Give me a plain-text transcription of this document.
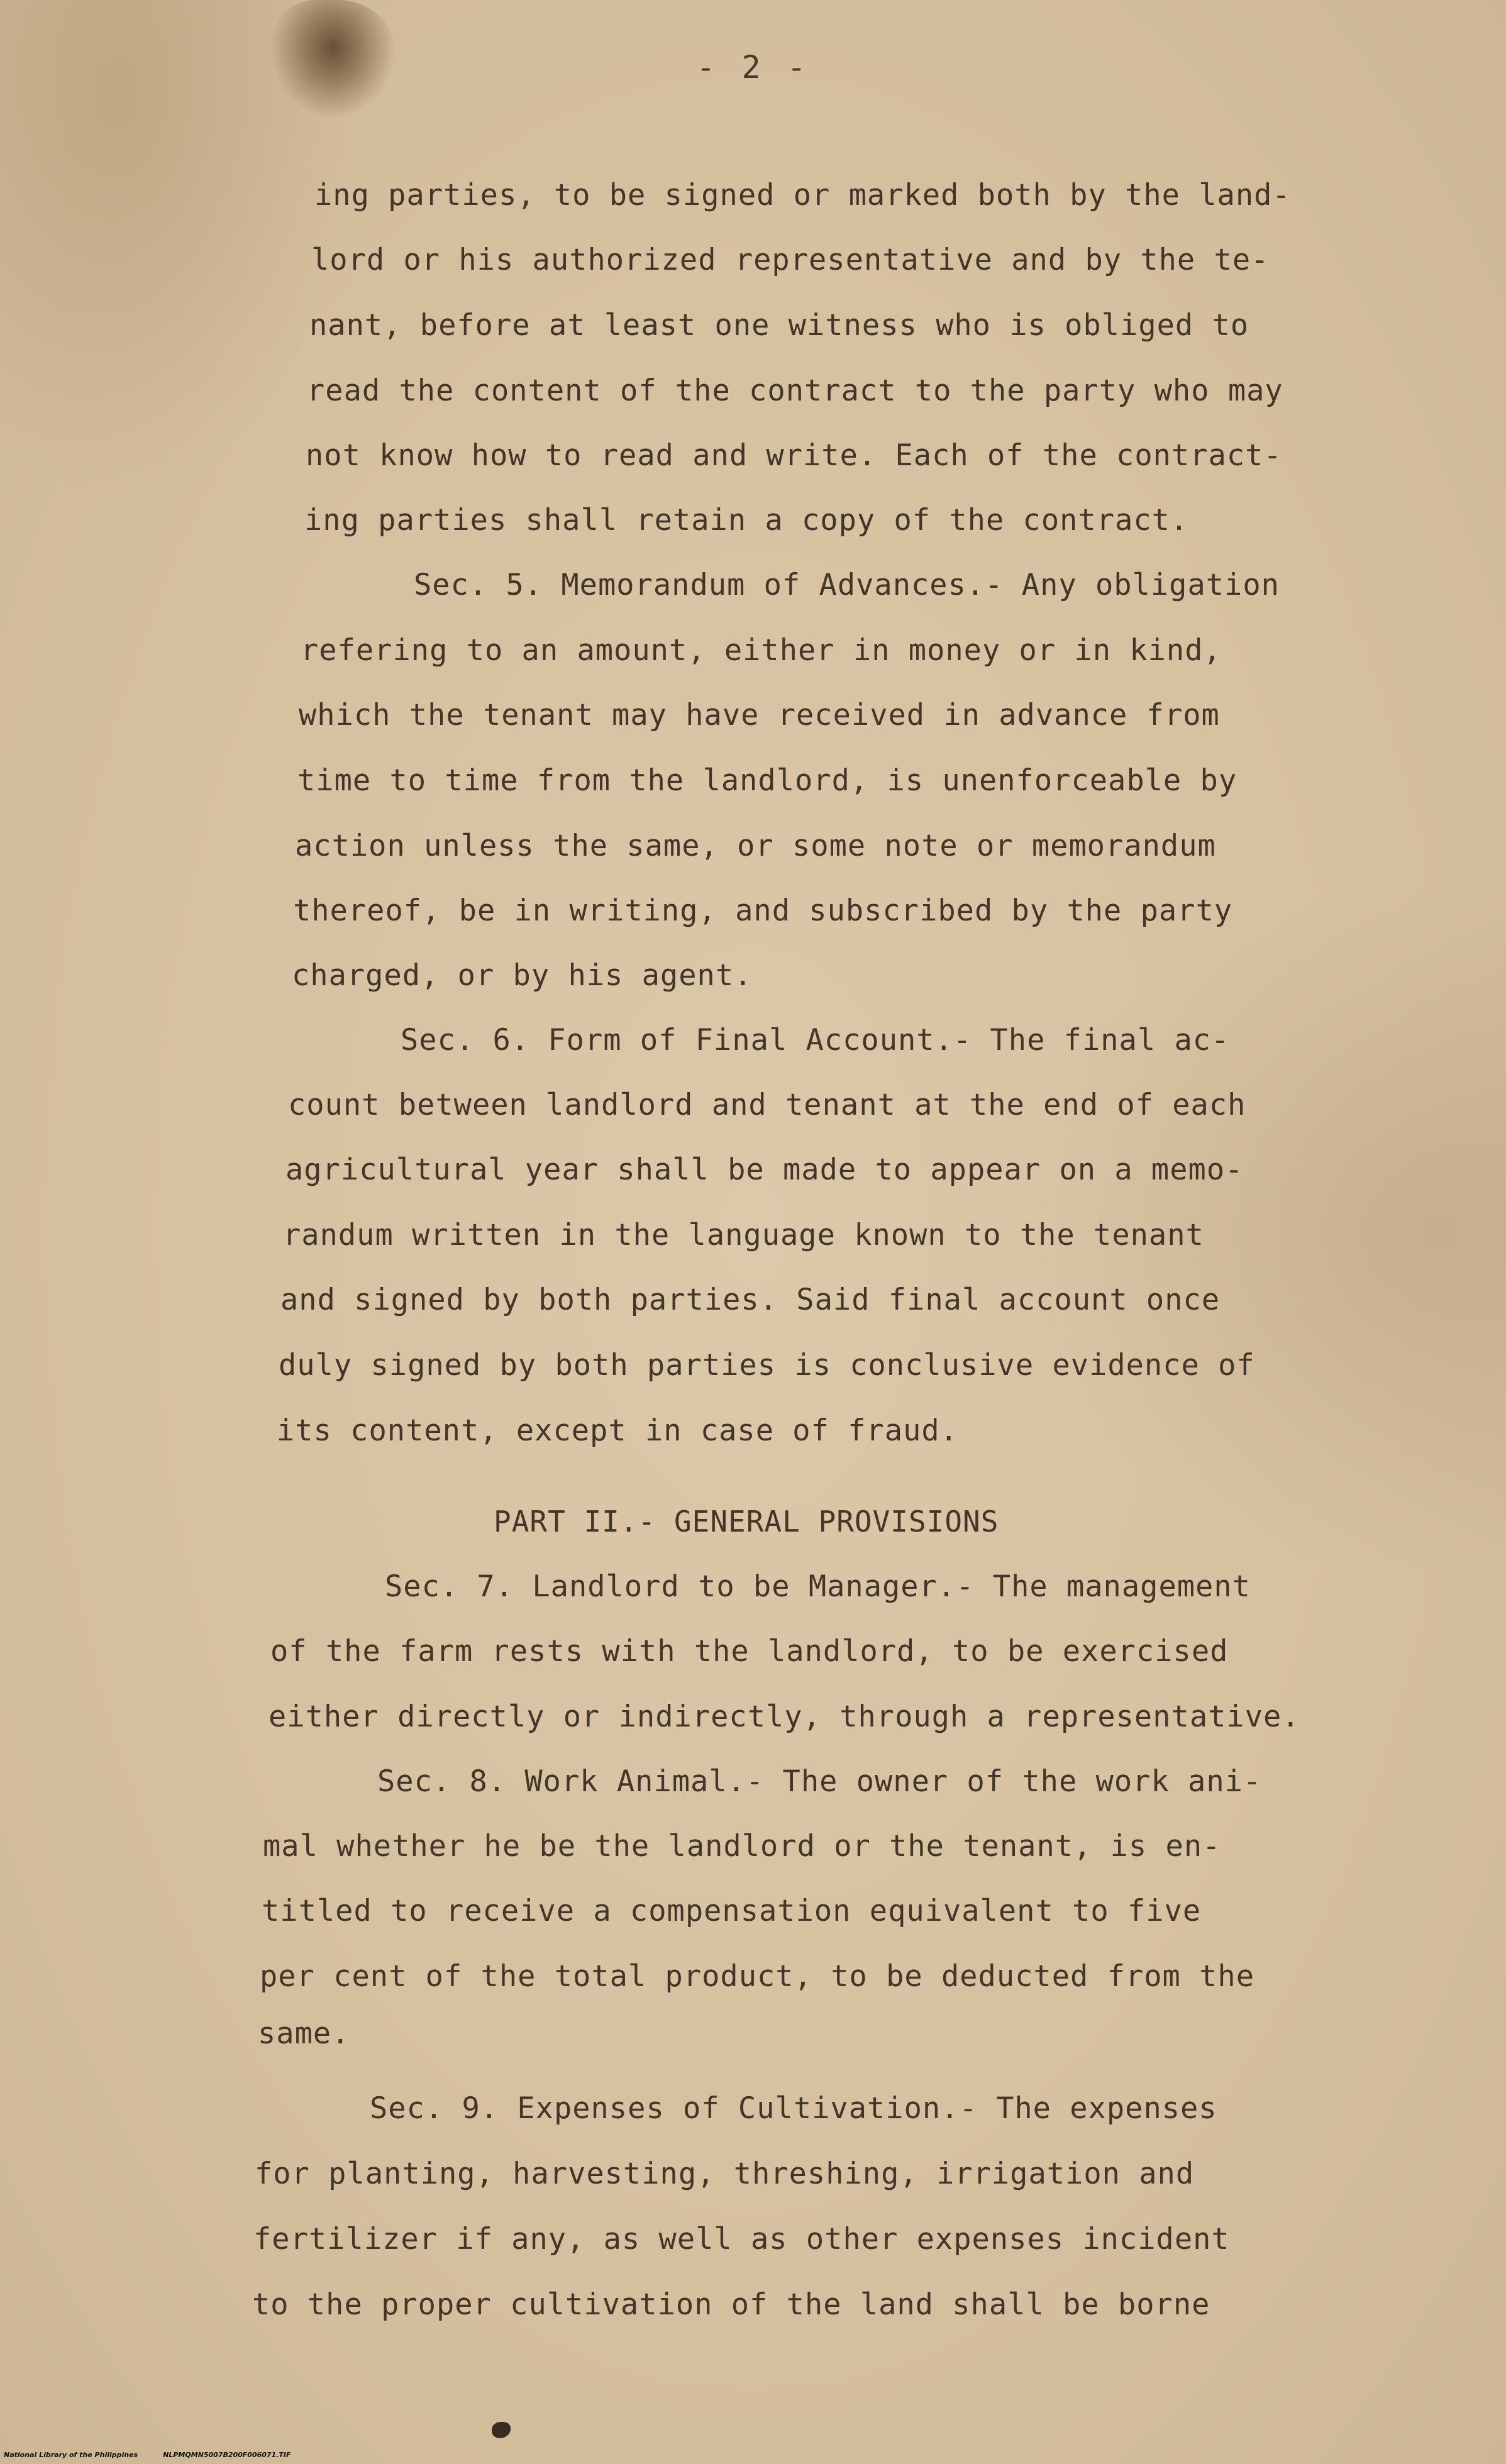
- 2 -
ing parties, to be signed or marked both by the land-
lord or his authorized representative and by the te-
nant, before at least one witness who is obliged to
read the content of the contract to the party who may
not know how to read and write. Each of the contract-
ing parties shall retain a copy of the contract.
Sec. 5. Memorandum of Advances.- Any obligation
refering to an amount, either in money or in kind,
which the tenant may have received in advance from
time to time from the landlord, is unenforceable by
action unless the same, or some note or memorandum
thereof, be in writing, and subscribed by the party
charged, or by his agent.
Sec. 6. Form of Final Account.- The final ac-
count between landlord and tenant at the end of each
agricultural year shall be made to appear on a memo-
randum written in the language known to the tenant
and signed by both parties. Said final account once
duly signed by both parties is conclusive evidence of
its content, except in case of fraud.
PART II.- GENERAL PROVISIONS
Sec. 7. Landlord to be Manager.- The management
of the farm rests with the landlord, to be exercised
either directly or indirectly, through a representative.
Sec. 8. Work Animal.- The owner of the work ani-
mal whether he be the landlord or the tenant, is en-
titled to receive a compensation equivalent to five
per cent of the total product, to be deducted from the
same.
Sec. 9. Expenses of Cultivation.- The expenses
for planting, harvesting, threshing, irrigation and
fertilizer if any, as well as other expenses incident
to the proper cultivation of the land shall be borne
National Library of the Philippines	NLPMQMN5007B200F006071.TIF
